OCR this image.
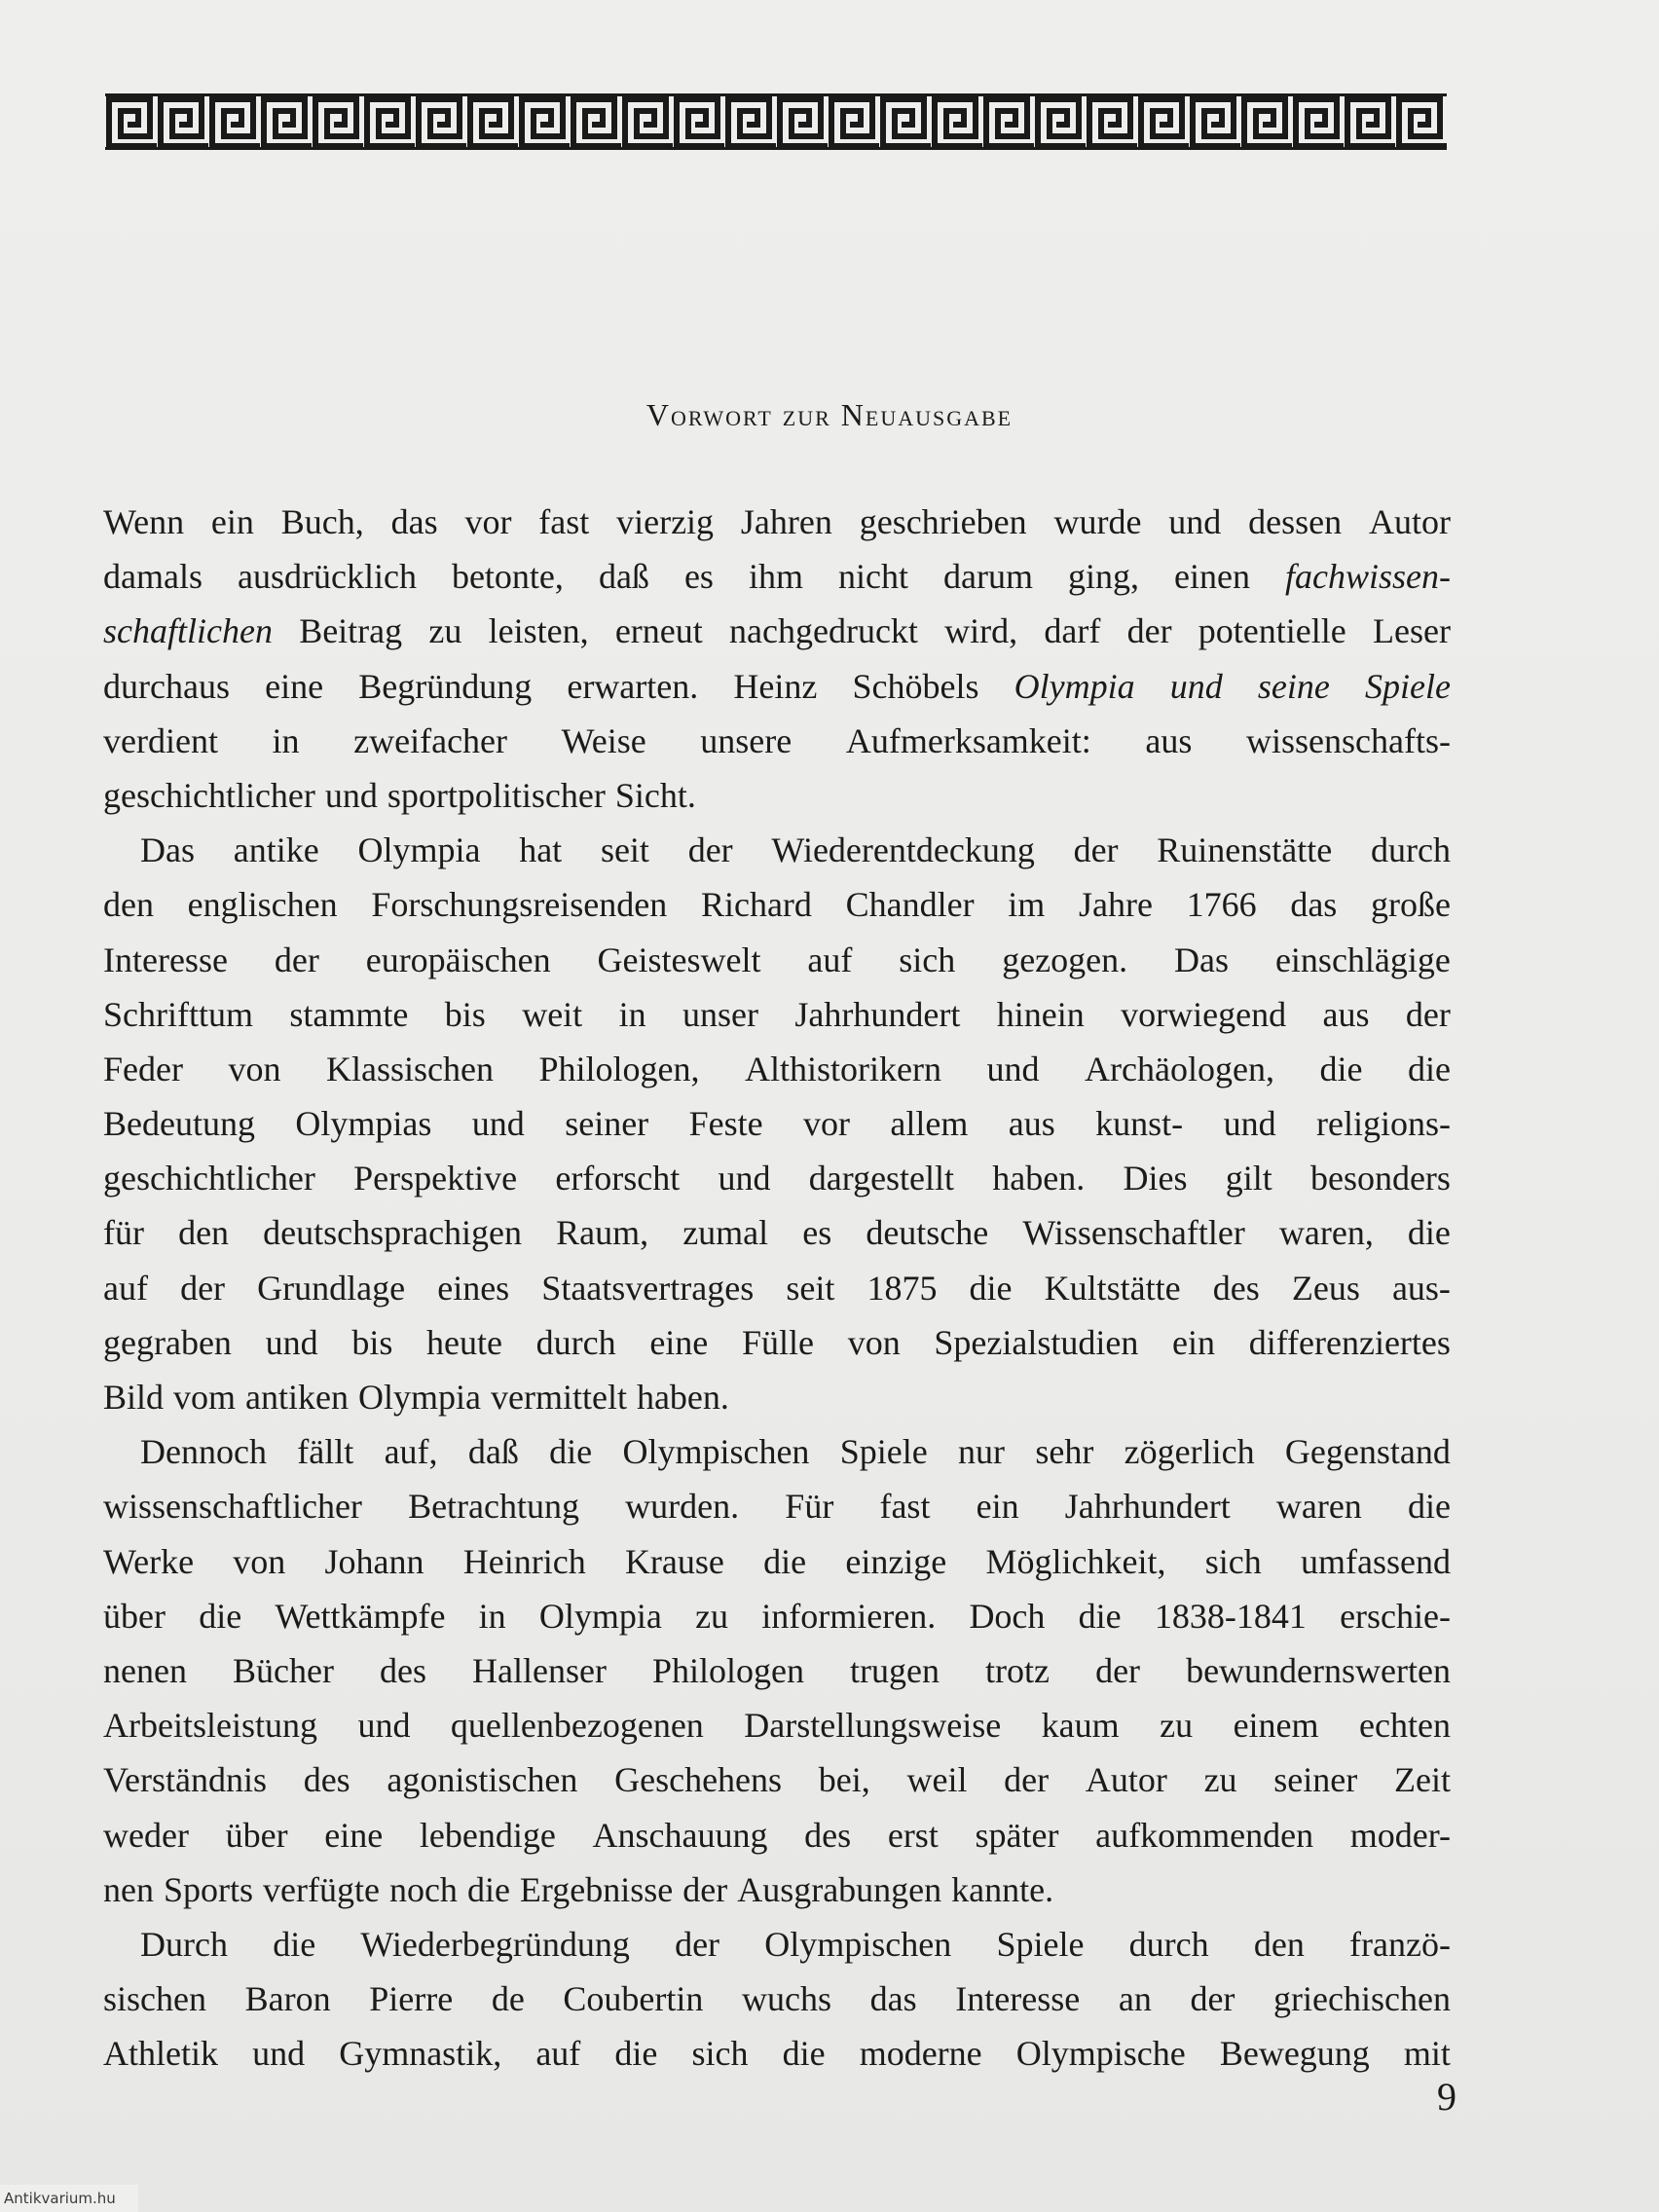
Vorwort zur Neuausgabe
Wenn ein Buch, das vor fast vierzig Jahren geschrieben wurde und dessen Autor
damals ausdrücklich betonte, daß es ihm nicht darum ging, einen fachwissen-
schaftlichen Beitrag zu leisten, erneut nachgedruckt wird, darf der potentielle Leser
durchaus eine Begründung erwarten. Heinz Schöbels Olympia und seine Spiele
verdient in zweifacher Weise unsere Aufmerksamkeit: aus wissenschafts-
geschichtlicher und sportpolitischer Sicht.
Das antike Olympia hat seit der Wiederentdeckung der Ruinenstätte durch
den englischen Forschungsreisenden Richard Chandler im Jahre 1766 das große
Interesse der europäischen Geisteswelt auf sich gezogen. Das einschlägige
Schrifttum stammte bis weit in unser Jahrhundert hinein vorwiegend aus der
Feder von Klassischen Philologen, Althistorikern und Archäologen, die die
Bedeutung Olympias und seiner Feste vor allem aus kunst- und religions-
geschichtlicher Perspektive erforscht und dargestellt haben. Dies gilt besonders
für den deutschsprachigen Raum, zumal es deutsche Wissenschaftler waren, die
auf der Grundlage eines Staatsvertrages seit 1875 die Kultstätte des Zeus aus-
gegraben und bis heute durch eine Fülle von Spezialstudien ein differenziertes
Bild vom antiken Olympia vermittelt haben.
Dennoch fällt auf, daß die Olympischen Spiele nur sehr zögerlich Gegenstand
wissenschaftlicher Betrachtung wurden. Für fast ein Jahrhundert waren die
Werke von Johann Heinrich Krause die einzige Möglichkeit, sich umfassend
über die Wettkämpfe in Olympia zu informieren. Doch die 1838-1841 erschie-
nenen Bücher des Hallenser Philologen trugen trotz der bewundernswerten
Arbeitsleistung und quellenbezogenen Darstellungsweise kaum zu einem echten
Verständnis des agonistischen Geschehens bei, weil der Autor zu seiner Zeit
weder über eine lebendige Anschauung des erst später aufkommenden moder-
nen Sports verfügte noch die Ergebnisse der Ausgrabungen kannte.
Durch die Wiederbegründung der Olympischen Spiele durch den franzö-
sischen Baron Pierre de Coubertin wuchs das Interesse an der griechischen
Athletik und Gymnastik, auf die sich die moderne Olympische Bewegung mit
9
Antikvarium.hu
